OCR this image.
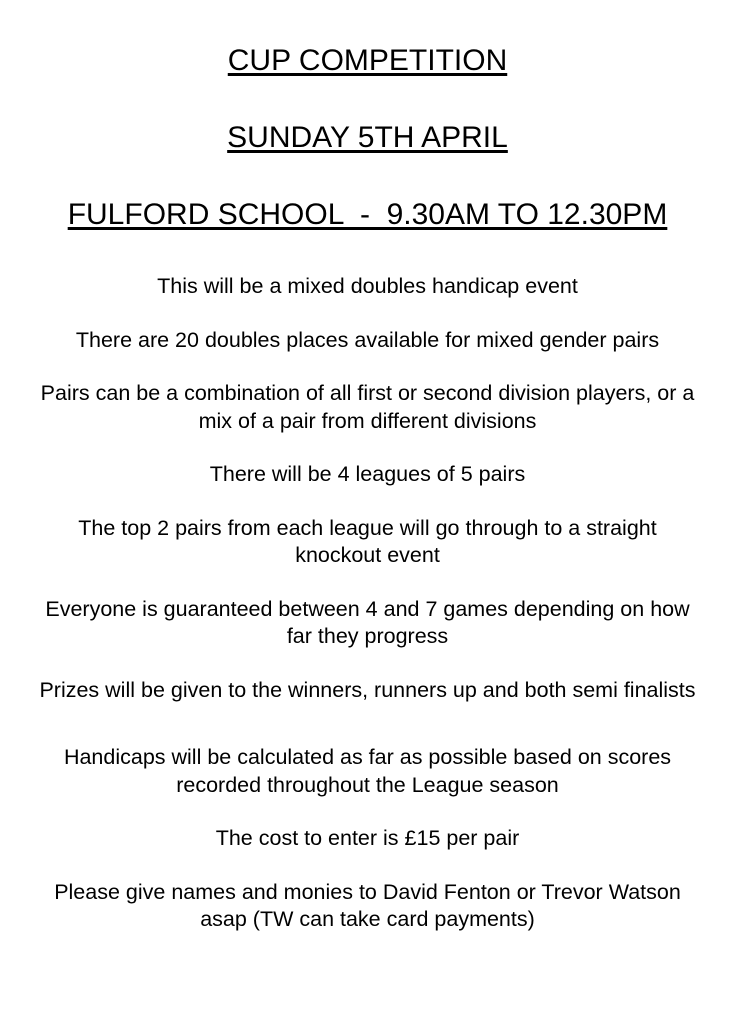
CUP COMPETITION
SUNDAY 5TH APRIL
FULFORD SCHOOL  -  9.30AM TO 12.30PM

This will be a mixed doubles handicap event

There are 20 doubles places available for mixed gender pairs

Pairs can be a combination of all first or second division players, or a mix of a pair from different divisions

There will be 4 leagues of 5 pairs

The top 2 pairs from each league will go through to a straight knockout event

Everyone is guaranteed between 4 and 7 games depending on how far they progress

Prizes will be given to the winners, runners up and both semi finalists

Handicaps will be calculated as far as possible based on scores recorded throughout the League season

The cost to enter is £15 per pair

Please give names and monies to David Fenton or Trevor Watson asap (TW can take card payments)
